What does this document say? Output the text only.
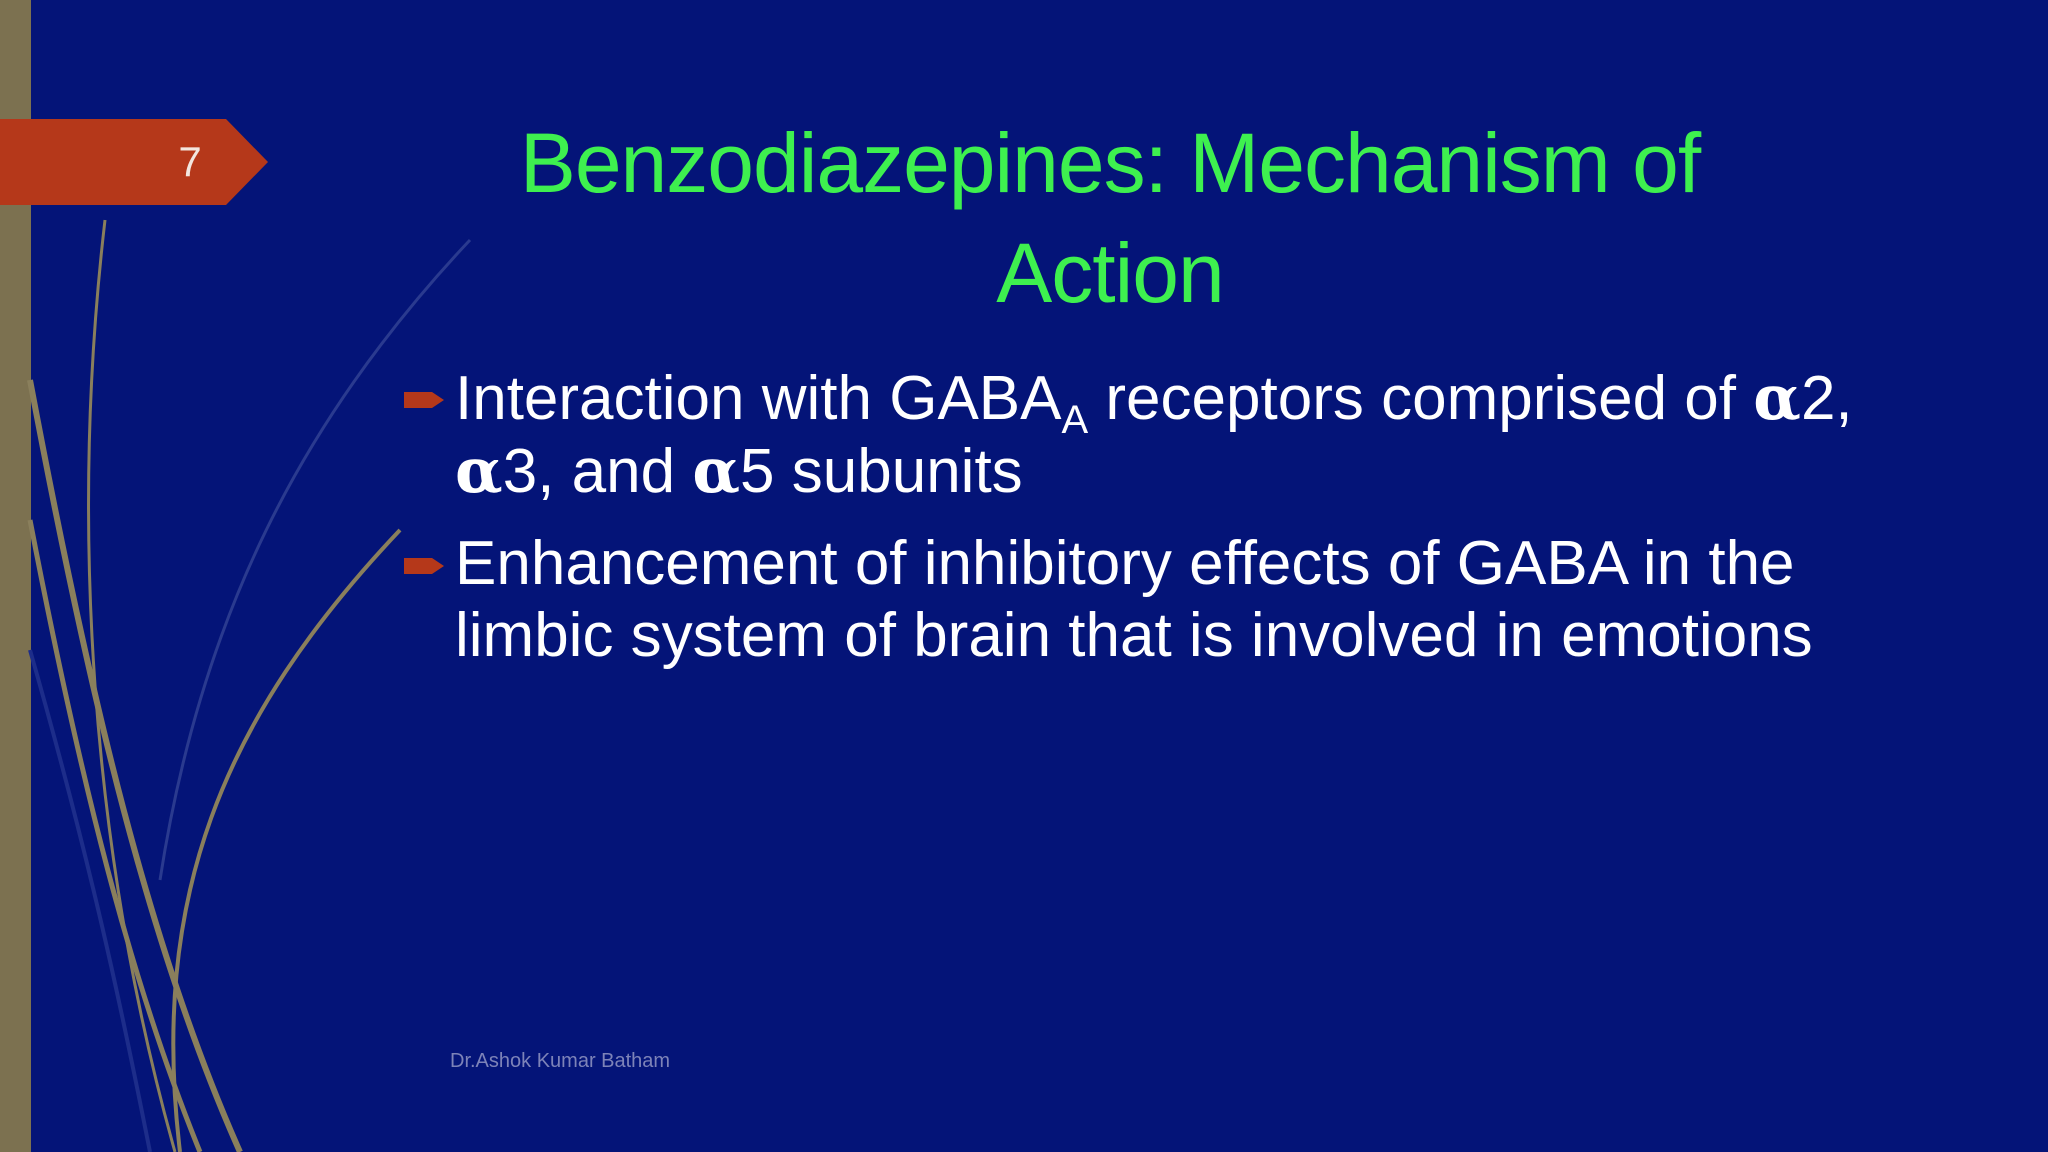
7	Benzodiazepines: Mechanism of Action
Interaction with $GABA_A$ receptors comprised of α2, α3, and α5 subunits
Enhancement of inhibitory effects of GABA in the limbic system of brain that is involved in emotions
Dr.Ashok Kumar Batham
